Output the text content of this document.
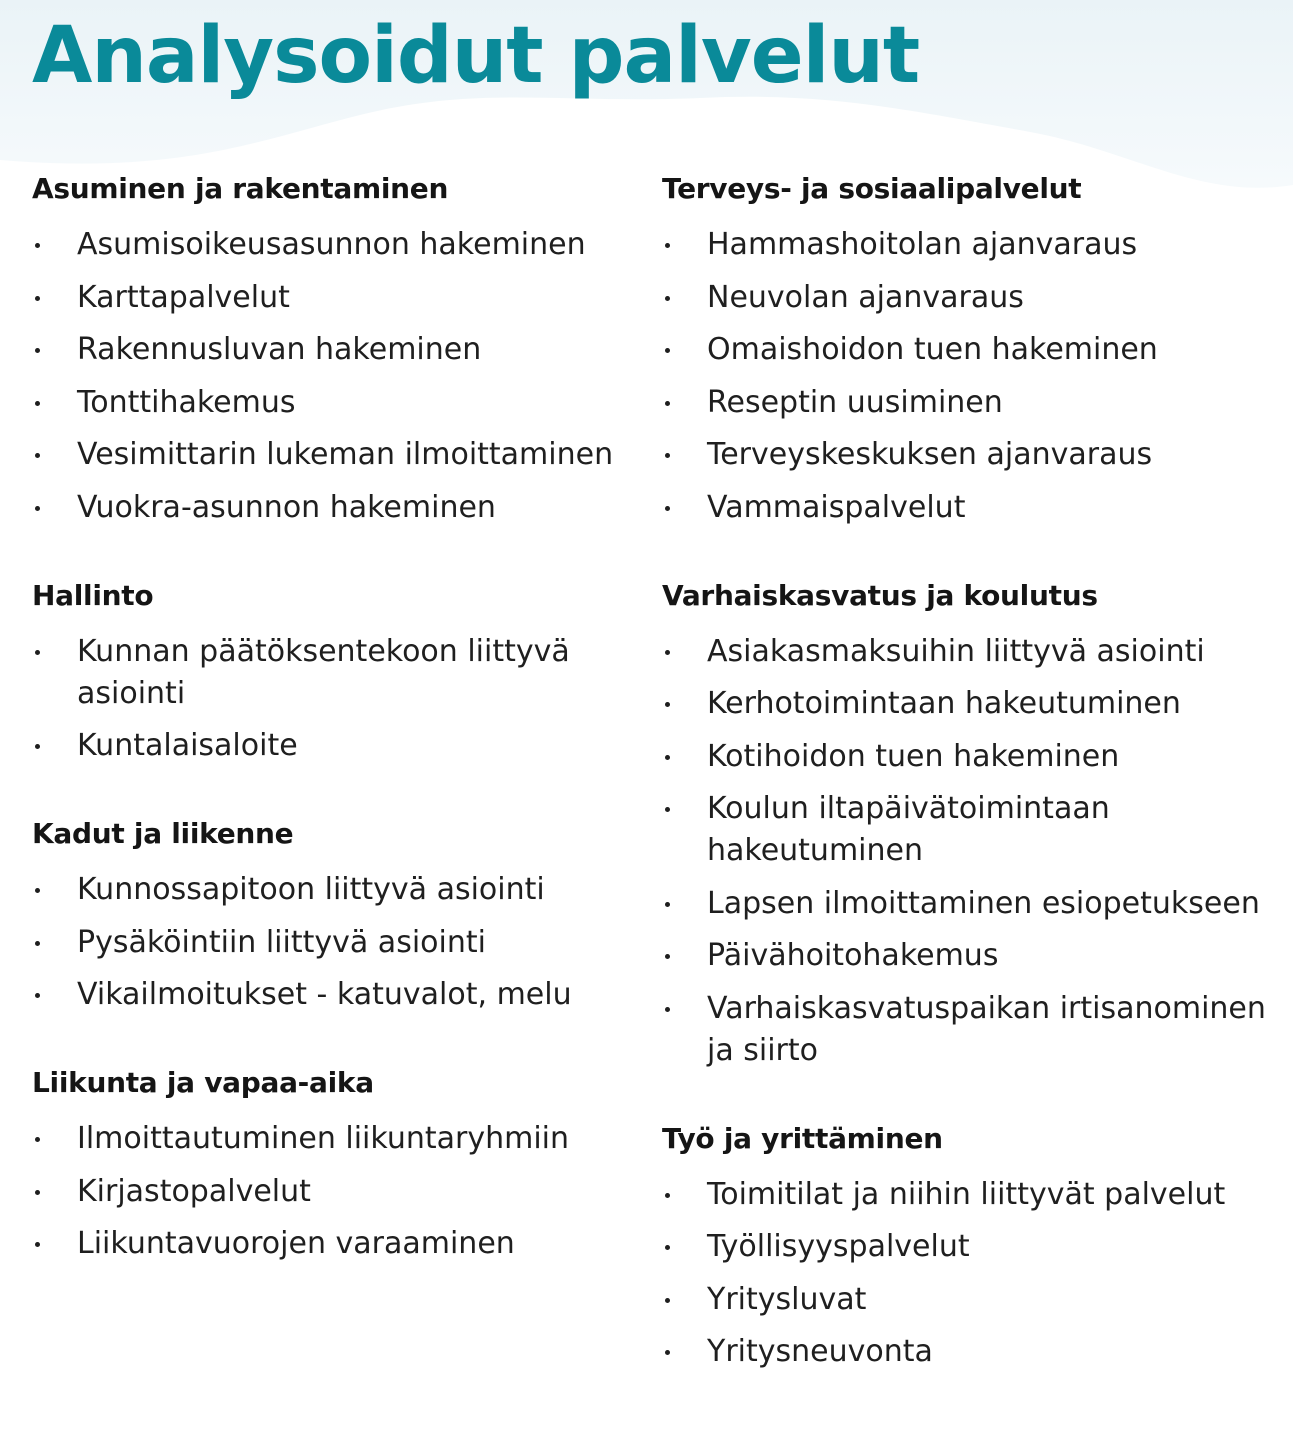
Analysoidut palvelut
Asuminen ja rakentaminen
Asumisoikeusasunnon hakeminen
Karttapalvelut
Rakennusluvan hakeminen
Tonttihakemus
Vesimittarin lukeman ilmoittaminen
Vuokra-asunnon hakeminen
Hallinto
Kunnan päätöksentekoon liittyvä asiointi
Kuntalaisaloite
Kadut ja liikenne
Kunnossapitoon liittyvä asiointi
Pysäköintiin liittyvä asiointi
Vikailmoitukset - katuvalot, melu
Liikunta ja vapaa-aika
Ilmoittautuminen liikuntaryhmiin
Kirjastopalvelut
Liikuntavuorojen varaaminen
Terveys- ja sosiaalipalvelut
Hammashoitolan ajanvaraus
Neuvolan ajanvaraus
Omaishoidon tuen hakeminen
Reseptin uusiminen
Terveyskeskuksen ajanvaraus
Vammaispalvelut
Varhaiskasvatus ja koulutus
Asiakasmaksuihin liittyvä asiointi
Kerhotoimintaan hakeutuminen
Kotihoidon tuen hakeminen
Koulun iltapäivätoimintaan hakeutuminen
Lapsen ilmoittaminen esiopetukseen
Päivähoitohakemus
Varhaiskasvatuspaikan irtisanominen ja siirto
Työ ja yrittäminen
Toimitilat ja niihin liittyvät palvelut
Työllisyyspalvelut
Yritysluvat
Yritysneuvonta
